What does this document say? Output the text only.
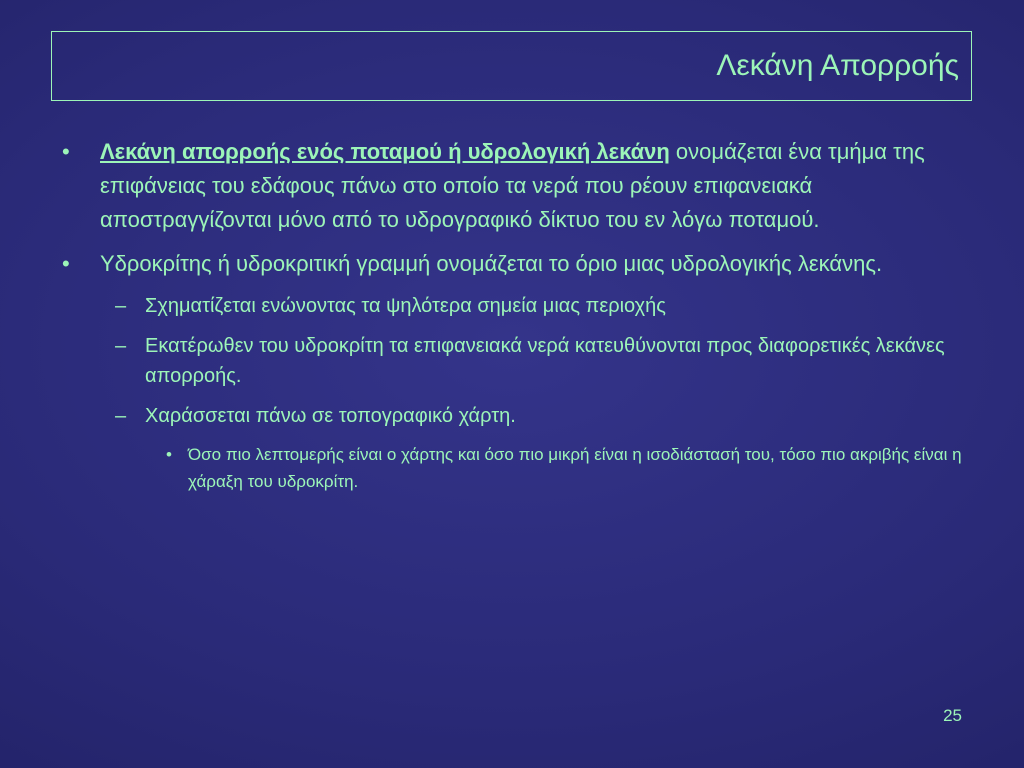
Λεκάνη Απορροής
• Λεκάνη απορροής ενός ποταμού ή υδρολογική λεκάνη ονομάζεται ένα τμήμα της επιφάνειας του εδάφους πάνω στο οποίο τα νερά που ρέουν επιφανειακά αποστραγγίζονται μόνο από το υδρογραφικό δίκτυο του εν λόγω ποταμού.
• Υδροκρίτης ή υδροκριτική γραμμή ονομάζεται το όριο μιας υδρολογικής λεκάνης.
– Σχηματίζεται ενώνοντας τα ψηλότερα σημεία μιας περιοχής
– Εκατέρωθεν του υδροκρίτη τα επιφανειακά νερά κατευθύνονται προς διαφορετικές λεκάνες απορροής.
– Χαράσσεται πάνω σε τοπογραφικό χάρτη.
• Όσο πιο λεπτομερής είναι ο χάρτης και όσο πιο μικρή είναι η ισοδιάστασή του, τόσο πιο ακριβής είναι η χάραξη του υδροκρίτη.
25
